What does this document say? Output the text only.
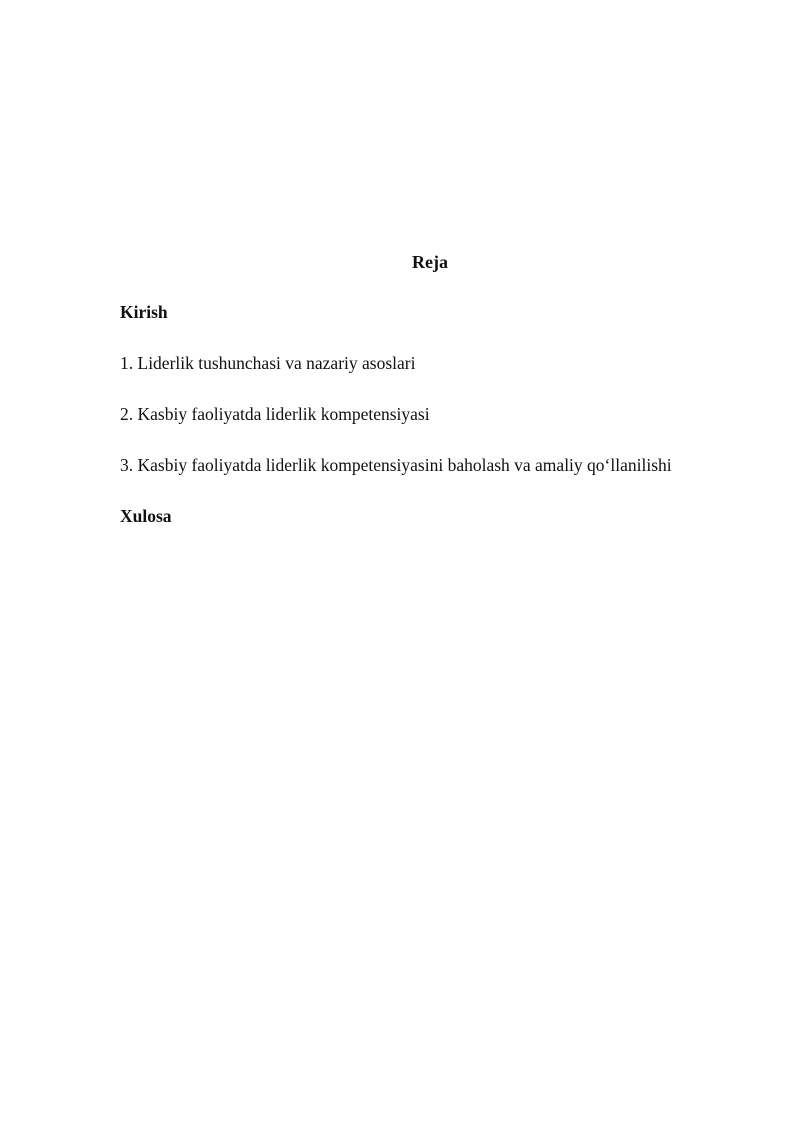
Reja
Kirish
1. Liderlik tushunchasi va nazariy asoslari
2. Kasbiy faoliyatda liderlik kompetensiyasi
3. Kasbiy faoliyatda liderlik kompetensiyasini baholash va amaliy qo‘llanilishi
Xulosa
